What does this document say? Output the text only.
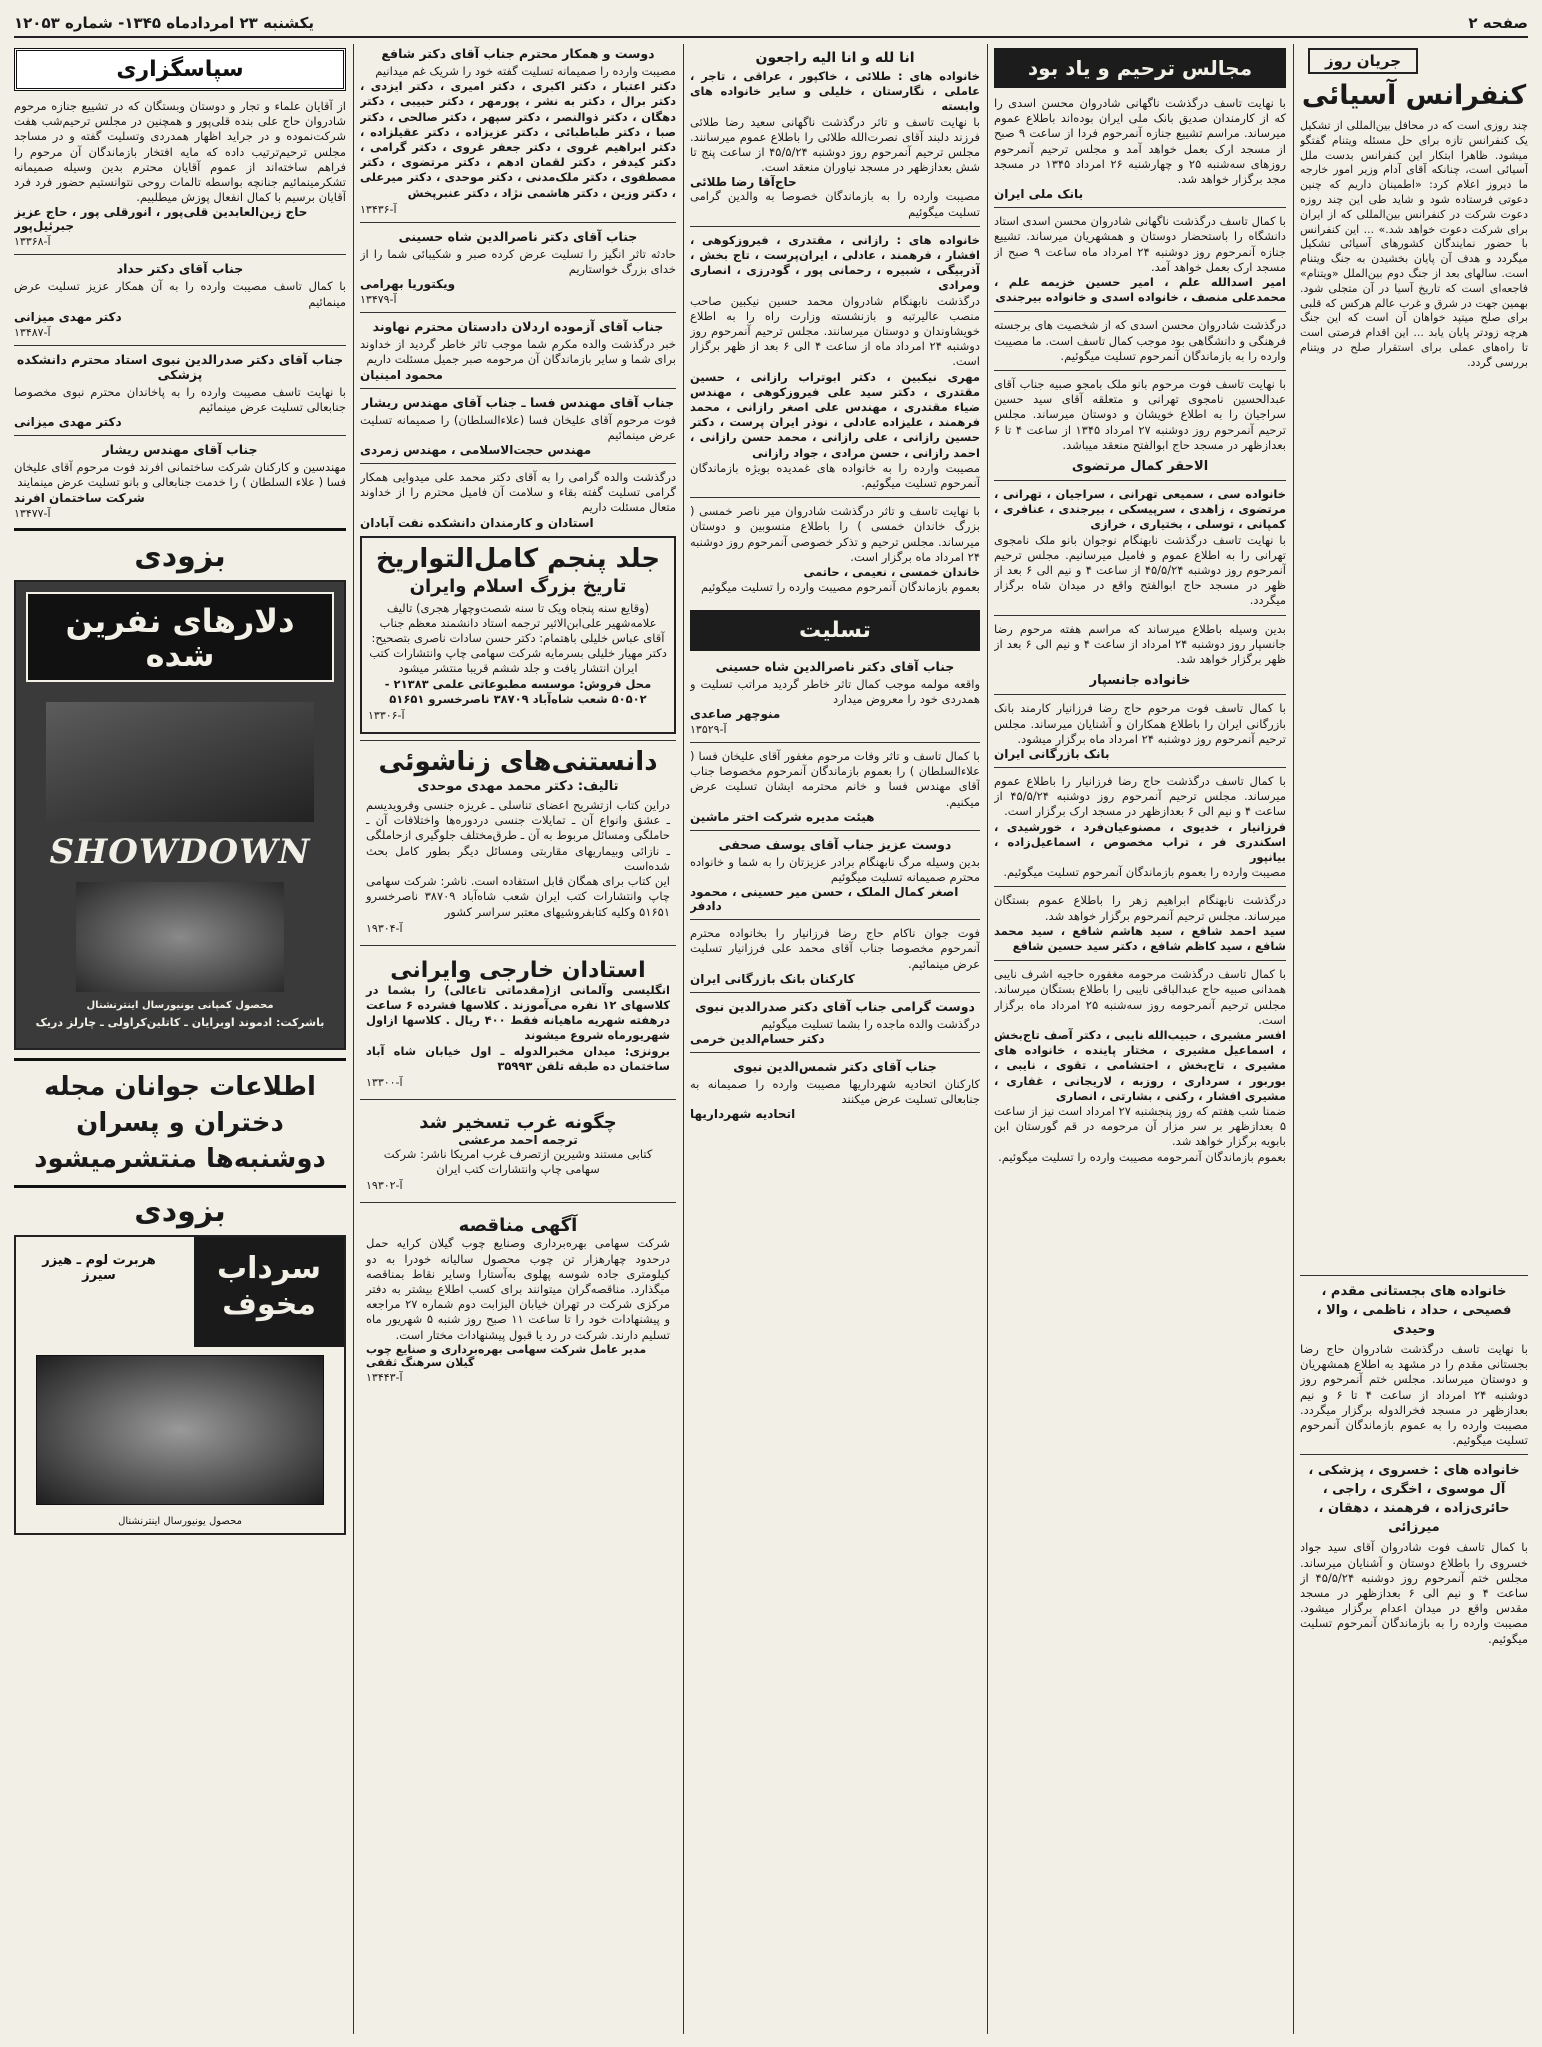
صفحه ۲
یکشنبه ۲۳ امردادماه ۱۳۴۵- شماره ۱۲۰۵۳
جریان روز
کنفرانس آسیائی
چند روزی است که در محافل بین‌المللی از تشکیل یک کنفرانس تازه برای حل مسئله ویتنام گفتگو میشود. ظاهرا ابتکار این کنفرانس بدست ملل آسیائی است، چنانکه آقای آدام وزیر امور خارجه ما دیروز اعلام کرد: «اطمینان داریم که چنین دعوتی فرستاده شود و شاید طی این چند روزه دعوت شرکت در کنفرانس بین‌المللی که از ایران برای شرکت دعوت خواهد شد.» ... این کنفرانس با حضور نمایندگان کشورهای آسیائی تشکیل میگردد و هدف آن پایان بخشیدن به جنگ ویتنام است. سالهای بعد از جنگ دوم بین‌الملل «ویتنام» فاجعه‌ای است که تاریخ آسیا در آن متجلی شود. بهمین جهت در شرق و غرب عالم هرکس که قلبی برای صلح میتپد خواهان آن است که این جنگ هرچه زودتر پایان یابد ... این اقدام فرصتی است تا راه‌های عملی برای استقرار صلح در ویتنام بررسی گردد.
خانواده های بجستانی مقدم ، فصیحی ، حداد ، ناظمی ، والا ، وحیدی
با نهایت تاسف درگذشت شادروان حاج رضا بجستانی مقدم را در مشهد به اطلاع همشهریان و دوستان میرساند. مجلس ختم آنمرحوم روز دوشنبه ۲۴ امرداد از ساعت ۴ تا ۶ و نیم بعدازظهر در مسجد فخرالدوله برگزار میگردد. مصیبت وارده را به عموم بازماندگان آنمرحوم تسلیت میگوئیم.
خانواده های : خسروی ، پزشکی ، آل موسوی ، اخگری ، راجی ، حائری‌زاده ، فرهمند ، دهقان ، میرزائی
با کمال تاسف فوت شادروان آقای سید جواد خسروی را باطلاع دوستان و آشنایان میرساند. مجلس ختم آنمرحوم روز دوشنبه ۴۵/۵/۲۴ از ساعت ۴ و نیم الی ۶ بعدازظهر در مسجد مقدس واقع در میدان اعدام برگزار میشود. مصیبت وارده را به بازماندگان آنمرحوم تسلیت میگوئیم.
مجالس ترحیم و یاد بود
با نهایت تاسف درگذشت ناگهانی شادروان محسن اسدی را که از کارمندان صدیق بانک ملی ایران بوده‌اند باطلاع عموم میرساند. مراسم تشییع جنازه آنمرحوم فردا از ساعت ۹ صبح از مسجد ارک بعمل خواهد آمد و مجلس ترحیم آنمرحوم روزهای سه‌شنبه ۲۵ و چهارشنبه ۲۶ امرداد ۱۳۴۵ در مسجد مجد برگزار خواهد شد.
بانک ملی ایران
با کمال تاسف درگذشت ناگهانی شادروان محسن اسدی استاد دانشگاه را باستحضار دوستان و همشهریان میرساند. تشییع جنازه آنمرحوم روز دوشنبه ۲۴ امرداد ماه ساعت ۹ صبح از مسجد ارک بعمل خواهد آمد.
امیر اسدالله علم ، امیر حسین خزیمه علم ، محمدعلی منصف ، خانواده اسدی و خانواده بیرجندی
درگذشت شادروان محسن اسدی که از شخصیت های برجسته فرهنگی و دانشگاهی بود موجب کمال تاسف است. ما مصیبت وارده را به بازماندگان آنمرحوم تسلیت میگوئیم.
با نهایت تاسف فوت مرحوم بانو ملک بامجو صبیه جناب آقای عبدالحسین نامجوی تهرانی و متعلقه آقای سید حسین سراجیان را به اطلاع خویشان و دوستان میرساند. مجلس ترحیم آنمرحوم روز دوشنبه ۲۷ امرداد ۱۳۴۵ از ساعت ۴ تا ۶ بعدازظهر در مسجد حاج ابوالفتح منعقد میباشد.
الاحقر کمال مرتضوی
خانواده سی ، سمیعی تهرانی ، سراجیان ، تهرانی ، مرتضوی ، زاهدی ، سرپیسکی ، بیرجندی ، عنافری ، کمپانی ، توسلی ، بختیاری ، خرازی
با نهایت تاسف درگذشت نابهنگام نوجوان بانو ملک نامجوی تهرانی را به اطلاع عموم و فامیل میرسانیم. مجلس ترحیم آنمرحوم روز دوشنبه ۴۵/۵/۲۴ از ساعت ۴ و نیم الی ۶ بعد از ظهر در مسجد حاج ابوالفتح واقع در میدان شاه برگزار میگردد.
بدین وسیله باطلاع میرساند که مراسم هفته مرحوم رضا جانسپار روز دوشنبه ۲۴ امرداد از ساعت ۴ و نیم الی ۶ بعد از ظهر برگزار خواهد شد.
خانواده جانسپار
با کمال تاسف فوت مرحوم حاج رضا فرزانیار کارمند بانک بازرگانی ایران را باطلاع همکاران و آشنایان میرساند. مجلس ترحیم آنمرحوم روز دوشنبه ۲۴ امرداد ماه برگزار میشود.
بانک بازرگانی ایران
با کمال تاسف‌ درگذشت حاج رضا فرزانیار را باطلاع عموم میرساند. مجلس ترحیم آنمرحوم روز دوشنبه ۴۵/۵/۲۴ از ساعت ۴ و نیم الی ۶ بعدازظهر در مسجد ارک برگزار است.
فرزانیار ، خدیوی ، مصنوعیان‌فرد ، خورشیدی ، اسکندری فر ، تراب مخصوص ، اسماعیل‌زاده ، بیانپور
مصیبت وارده را بعموم بازماندگان آنمرحوم تسلیت میگوئیم.
درگذشت نابهنگام ابراهیم زهر را باطلاع عموم بستگان میرساند. مجلس ترحیم آنمرحوم برگزار خواهد شد.
سید احمد شافع ، سید هاشم شافع ، سید محمد شافع ، سید کاظم شافع ، دکتر سید حسین شافع
با کمال تاسف درگذشت مرحومه مغفوره حاجیه اشرف نایبی همدانی صبیه حاج عبدالباقی نایبی را باطلاع بستگان میرساند. مجلس ترحیم آنمرحومه روز سه‌شنبه ۲۵ امرداد ماه برگزار است.
افسر مشیری ، حبیب‌الله نایبی ، دکتر آصف تاج‌بخش ، اسماعیل مشیری ، مختار پاینده ، خانواده های مشیری ، تاج‌بخش ، احتشامی ، تقوی ، نایبی ، بوربور ، سرداری ، روزبه ، لاریجانی ، غفاری ، مشیری افشار ، رکنی ، بشارتی ، انصاری
ضمنا شب هفتم که روز پنجشنبه ۲۷ امرداد است نیز از ساعت ۵ بعدازظهر بر سر مزار آن مرحومه در قم گورستان ابن بابویه برگزار خواهد شد.
بعموم بازماندگان آنمرحومه مصیبت وارده را تسلیت میگوئیم.
انا لله و انا الیه راجعون
خانواده های : طلائی ، خاکپور ، عراقی ، تاجر ، عاملی ، نگارستان ، خلیلی و سایر خانواده های وابسته
با نهایت تاسف و تاثر درگذشت ناگهانی سعید رضا طلائی فرزند دلبند آقای نصرت‌الله طلائی را باطلاع عموم میرسانند. مجلس ترحیم آنمرحوم روز دوشنبه ۴۵/۵/۲۴ از ساعت پنج تا شش بعدازظهر در مسجد نیاوران منعقد است.
حاج‌آقا رضا طلائی
مصیبت وارده را به بازماندگان خصوصا به والدین گرامی تسلیت میگوئیم
خانواده های : رازانی ، مقتدری ، فیروزکوهی ، افشار ، فرهمند ، عادلی ، ایران‌پرست ، تاج بخش ، آذربیگی ، شبیره ، رحمانی پور ، گودرزی ، انصاری ومرادی
درگذشت نابهنگام شادروان محمد حسین نیکبین صاحب منصب عالیرتبه و بازنشسته وزارت راه را به اطلاع خویشاوندان و دوستان میرسانند. مجلس ترحیم آنمرحوم روز دوشنبه ۲۴ امرداد ماه از ساعت ۴ الی ۶ بعد از ظهر برگزار است.
مهری نیکبین ، دکتر ابوتراب رازانی ، حسین مقتدری ، دکتر سید علی فیروزکوهی ، مهندس ضیاء مقتدری ، مهندس علی اصغر رازانی ، محمد فرهمند ، علیزاده عادلی ، نوذر ایران پرست ، دکتر حسین رازانی ، علی رازانی ، محمد حسن رازانی ، احمد رازانی ، حسن مرادی ، جواد رازانی
مصیبت وارده را به خانواده های غمدیده بویژه بازماندگان آنمرحوم تسلیت میگوئیم.
با نهایت تاسف و تاثر درگذشت شادروان میر ناصر خمسی ( بزرگ خاندان خمسی ) را باطلاع منسوبین و دوستان میرساند. مجلس ترحیم و تذکر خصوصی آنمرحوم روز دوشنبه ۲۴ امرداد ماه برگزار است.
خاندان خمسی ، نعیمی ، حاتمی
بعموم بازماندگان آنمرحوم مصیبت وارده را تسلیت میگوئیم
تسلیت
جناب آقای دکتر ناصرالدین شاه حسینی
واقعه مولمه موجب کمال تاثر خاطر گردید مراتب تسلیت و همدردی خود را معروض میدارد
منوچهر صاعدی
آ-۱۳۵۲۹
با کمال تاسف و تاثر وفات مرحوم مغفور آقای علیخان فسا ( علاءالسلطان ) را بعموم بازماندگان آنمرحوم مخصوصا جناب آقای مهندس فسا و خانم محترمه ایشان تسلیت عرض میکنیم.
هیئت مدیره شرکت اختر ماشین
دوست عزیز جناب آقای یوسف صحفی
بدین وسیله مرگ نابهنگام برادر عزیزتان را به شما و خانواده محترم صمیمانه تسلیت میگوئیم
اصغر کمال الملک ، حسن میر حسینی ، محمود دادفر
فوت جوان ناکام حاج رضا فرزانیار را بخانواده محترم آنمرحوم مخصوصا جناب آقای محمد علی فرزانیار تسلیت عرض مینمائیم.
کارکنان بانک بازرگانی ایران
دوست گرامی جناب آقای دکتر صدرالدین نبوی
درگذشت والده ماجده را بشما تسلیت میگوئیم
دکتر حسام‌الدین خرمی
جناب آقای دکتر شمس‌الدین نبوی
کارکنان اتحادیه شهرداریها مصیبت وارده را صمیمانه به جنابعالی تسلیت عرض میکنند
اتحادیه شهرداریها
دوست و همکار محترم جناب آقای دکتر شافع
مصیبت وارده را صمیمانه تسلیت گفته خود را شریک غم میدانیم
دکتر اعتبار ، دکتر اکبری ، دکتر امیری ، دکتر ایزدی ، دکتر برال ، دکتر به نشر ، پورمهر ، دکتر حبیبی ، دکتر دهگان ، دکتر ذوالنصر ، دکتر سپهر ، دکتر صالحی ، دکتر صبا ، دکتر طباطبائی ، دکتر عزیزاده ، دکتر عقیلزاده ، دکتر ابراهیم غروی ، دکتر جعفر غروی ، دکتر گرامی ، دکتر کیدفر ، دکتر لقمان ادهم ، دکتر مرتضوی ، دکتر مصطفوی ، دکتر ملک‌مدنی ، دکتر موحدی ، دکتر میرعلی ، دکتر وزین ، دکتر هاشمی نژاد ، دکتر عنبرپخش
آ-۱۳۴۳۶
جناب آقای دکتر ناصرالدین شاه حسینی
حادثه تاثر انگیز را تسلیت عرض کرده صبر و شکیبائی شما را از خدای بزرگ خواستاریم
ویکتوریا بهرامی
آ-۱۳۴۷۹
جناب آقای آزموده اردلان دادستان محترم نهاوند
خبر درگذشت والده مکرم شما موجب تاثر خاطر گردید از خداوند برای شما و سایر بازماندگان آن مرحومه صبر جمیل مسئلت داریم
محمود امینیان
جناب آقای مهندس فسا ـ جناب آقای مهندس ریشار
فوت مرحوم آقای علیخان فسا (علاءالسلطان) را صمیمانه تسلیت عرض مینمائیم
مهندس حجت‌الاسلامی ، مهندس زمردی
درگذشت والده گرامی را به آقای دکتر محمد علی میدوایی همکار گرامی تسلیت گفته بقاء و سلامت آن فامیل محترم را از خداوند متعال مسئلت داریم
استادان و کارمندان دانشکده نفت آبادان
جلد پنجم کامل‌التواریخ
تاریخ بزرگ اسلام وایران
(وقایع سنه پنجاه ویک تا سنه شصت‌وچهار هجری) تالیف علامه‌شهیر علی‌ابن‌الاثیر ترجمه استاد دانشمند معظم جناب آقای عباس خلیلی باهتمام: دکتر حسن سادات ناصری بتصحیح: دکتر مهیار خلیلی بسرمایه شرکت سهامی چاپ وانتشارات کتب ایران انتشار یافت و جلد ششم قریبا منتشر میشود
محل فروش: موسسه مطبوعاتی علمی ۲۱۳۸۳ - ۵۰۵۰۲ شعب شاه‌آباد ۳۸۷۰۹ ناصرخسرو ۵۱۶۵۱
آ-۱۳۳۰۶
دانستنی‌های زناشوئی
تالیف: دکتر محمد مهدی موحدی
دراین کتاب ازتشریح اعضای تناسلی ـ غریزه جنسی وفرویدیسم ـ عشق وانواع آن ـ تمایلات جنسی دردوره‌ها واختلافات آن ـ حاملگی ومسائل مربوط به آن ـ طرق‌مختلف جلوگیری ازحاملگی ـ نازائی وبیماریهای مقاربتی ومسائل دیگر بطور کامل بحث شده‌است
این کتاب برای همگان قابل استفاده است. ناشر: شرکت سهامی چاپ وانتشارات کتب ایران شعب شاه‌آباد ۳۸۷۰۹ ناصرخسرو ۵۱۶۵۱ وکلیه کتابفروشیهای معتبر سراسر کشور
آ-۱۹۳۰۴
استادان خارجی وایرانی
انگلیسی وآلمانی از(مقدماتی تاعالی) را بشما در کلاسهای ۱۲ نفره می‌آموزند . کلاسها فشرده ۶ ساعت درهفته شهریه ماهیانه فقط ۴۰۰ ریال . کلاسها ازاول شهریورماه شروع میشوند
برونزی: میدان مخبرالدوله ـ اول خیابان شاه آباد ساختمان ده طبقه تلفن ۳۵۹۹۳
آ-۱۳۳۰۰
چگونه غرب تسخیر شد
ترجمه احمد مرعشی
کتابی مستند وشیرین ازتصرف غرب امریکا ناشر: شرکت سهامی چاپ وانتشارات کتب ایران
آ-۱۹۳۰۲
آگهی مناقصه
شرکت سهامی بهره‌برداری وصنایع چوب گیلان کرایه حمل درحدود چهارهزار تن چوب محصول سالیانه خودرا به دو کیلومتری جاده شوسه پهلوی به‌آستارا وسایر نقاط بمناقصه میگذارد. مناقصه‌گران میتوانند برای کسب اطلاع بیشتر به دفتر مرکزی شرکت در تهران خیابان الیزابت دوم شماره ۲۷ مراجعه و پیشنهادات خود را تا ساعت ۱۱ صبح روز شنبه ۵ شهریور ماه تسلیم دارند. شرکت در رد یا قبول پیشنهادات مختار است.
مدیر عامل شرکت سهامی بهره‌برداری و صنایع چوب گیلان سرهنگ ثقفی
آ-۱۳۴۴۳
سپاسگزاری
از آقایان علماء و تجار و دوستان وبستگان که در تشییع جنازه مرحوم شادروان حاج علی بنده قلی‌پور و همچنین در مجلس ترحیم‌شب هفت شرکت‌نموده و در جراید اظهار همدردی وتسلیت گفته و در مساجد مجلس ترحیم‌ترتیب داده که مایه افتخار بازماندگان آن مرحوم را فراهم ساخته‌اند از عموم آقایان محترم بدین وسیله صمیمانه تشکرمینمائیم جنانچه بواسطه تالمات روحی نتوانستیم حضور فرد فرد آقایان برسیم با کمال انفعال پوزش میطلبیم.
حاج زین‌العابدین قلی‌پور ، انورقلی پور ، حاج عزیز جبرئیل‌پور
آ-۱۳۳۶۸
جناب آقای دکتر حداد
با کمال تاسف مصیبت وارده را به آن همکار عزیز تسلیت عرض مینمائیم
دکتر مهدی میزانی
آ-۱۳۴۸۷
جناب آقای دکتر صدرالدین نبوی استاد محترم دانشکده پزشکی
با نهایت تاسف مصیبت وارده را به پاخاندان محترم نبوی مخصوصا جنابعالی تسلیت عرض مینمائیم
دکتر مهدی میزانی
جناب آقای مهندس ریشار
مهندسین و کارکنان شرکت ساختمانی افرند فوت مرحوم آقای علیخان فسا ( علاء السلطان ) را خدمت جنابعالی و بانو تسلیت عرض مینمایند
شرکت ساختمان افرند
آ-۱۳۴۷۷
بزودی
دلارهای نفرین شده
SHOWDOWN
محصول کمپانی یونیورسال اینترنشنال
باشرکت: ادموند اوبرایان ـ کاتلین‌کراولی ـ چارلز دریک
اطلاعات جوانان مجله دختران و پسران دوشنبه‌ها منتشرمیشود
بزودی
سرداب مخوف
هربرت لوم ـ هیزر سیرز
محصول یونیورسال اینترنشنال
